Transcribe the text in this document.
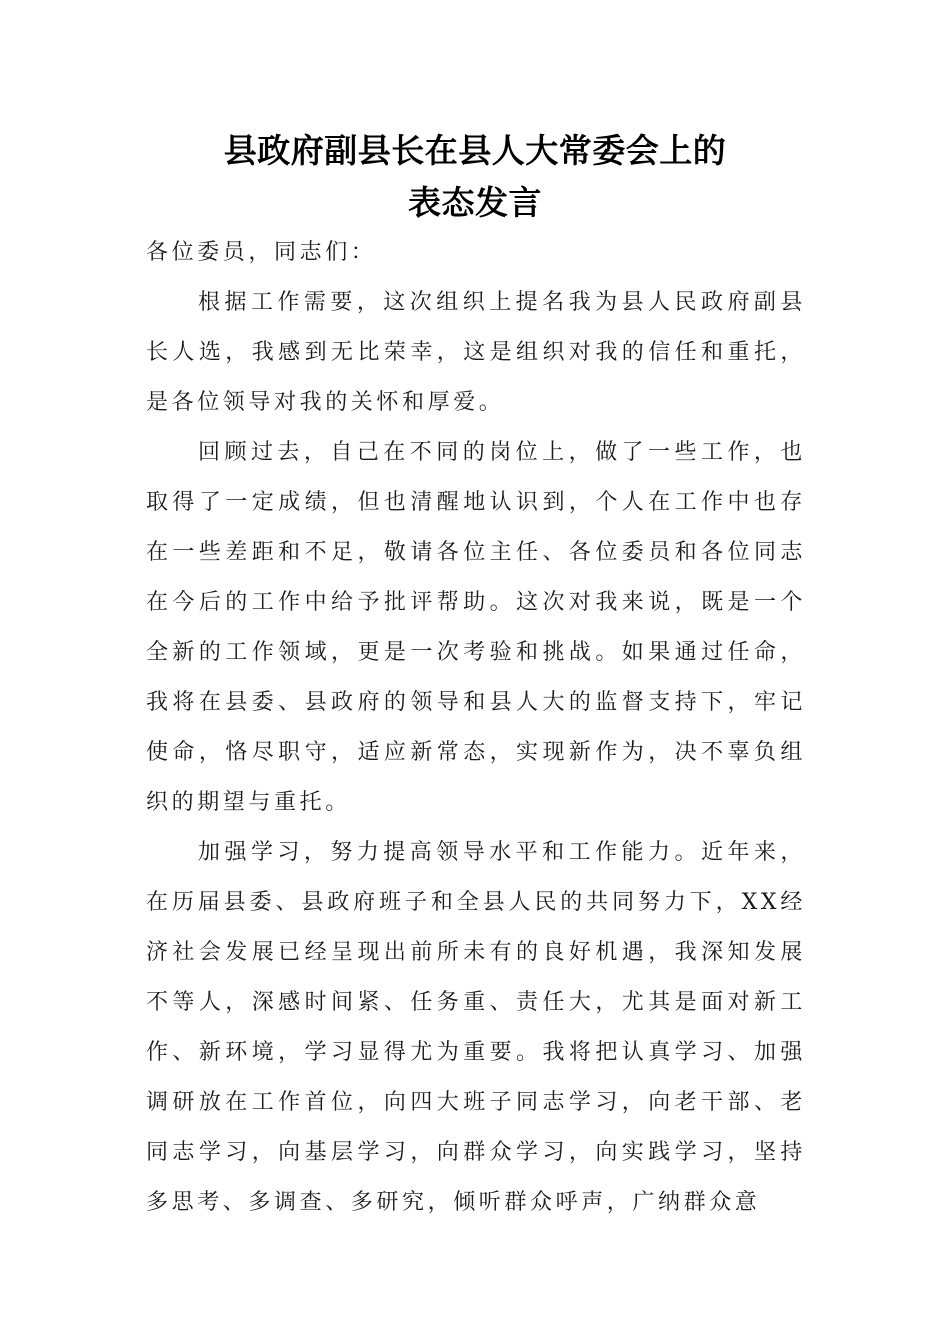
县政府副县长在县人大常委会上的
表态发言

各位委员，同志们：

根据工作需要，这次组织上提名我为县人民政府副县长人选，我感到无比荣幸，这是组织对我的信任和重托，是各位领导对我的关怀和厚爱。

回顾过去，自己在不同的岗位上，做了一些工作，也取得了一定成绩，但也清醒地认识到，个人在工作中也存在一些差距和不足，敬请各位主任、各位委员和各位同志在今后的工作中给予批评帮助。这次对我来说，既是一个全新的工作领域，更是一次考验和挑战。如果通过任命，我将在县委、县政府的领导和县人大的监督支持下，牢记使命，恪尽职守，适应新常态，实现新作为，决不辜负组织的期望与重托。

加强学习，努力提高领导水平和工作能力。近年来，在历届县委、县政府班子和全县人民的共同努力下，XX经济社会发展已经呈现出前所未有的良好机遇，我深知发展不等人，深感时间紧、任务重、责任大，尤其是面对新工作、新环境，学习显得尤为重要。我将把认真学习、加强调研放在工作首位，向四大班子同志学习，向老干部、老同志学习，向基层学习，向群众学习，向实践学习，坚持多思考、多调查、多研究，倾听群众呼声，广纳群众意
